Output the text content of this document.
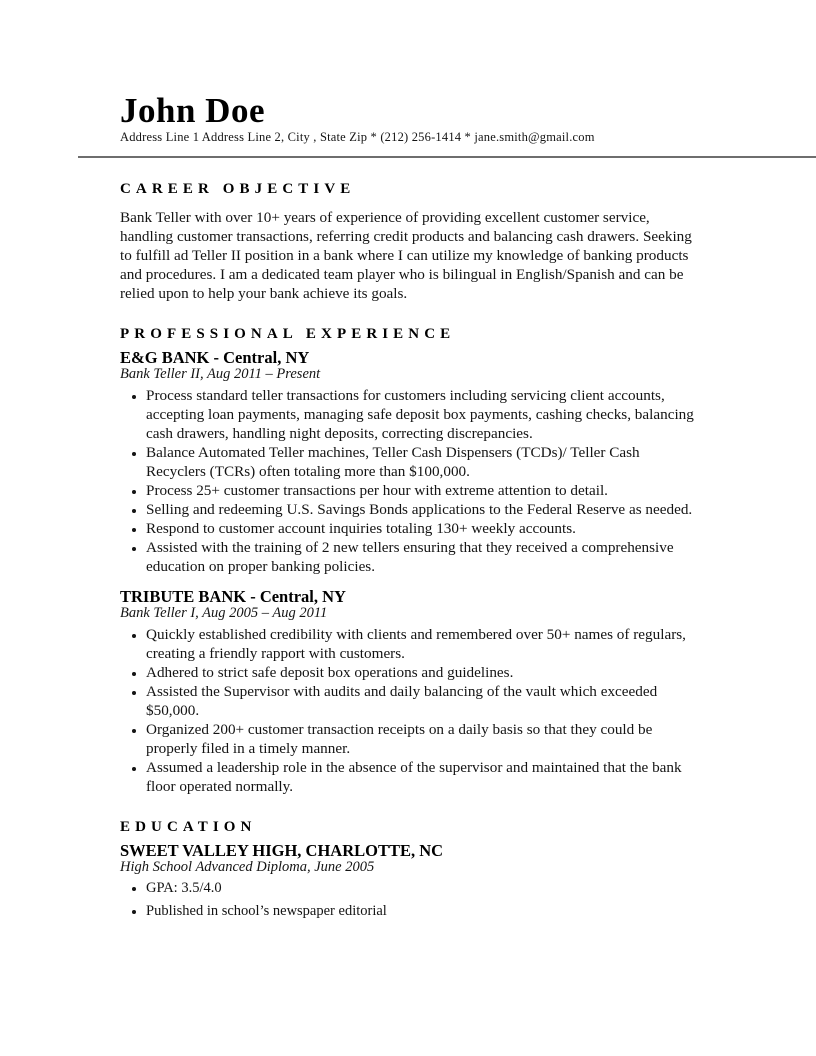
John Doe
Address Line 1 Address Line 2, City , State Zip * (212) 256-1414 * jane.smith@gmail.com
CAREER OBJECTIVE

Bank Teller with over 10+ years of experience of providing excellent customer service, handling customer transactions, referring credit products and balancing cash drawers. Seeking to fulfill ad Teller II position in a bank where I can utilize my knowledge of banking products and procedures. I am a dedicated team player who is bilingual in English/Spanish and can be relied upon to help your bank achieve its goals.

PROFESSIONAL EXPERIENCE
E&G BANK - Central, NY
Bank Teller II, Aug 2011 – Present
• Process standard teller transactions for customers including servicing client accounts, accepting loan payments, managing safe deposit box payments, cashing checks, balancing cash drawers, handling night deposits, correcting discrepancies.
• Balance Automated Teller machines, Teller Cash Dispensers (TCDs)/ Teller Cash Recyclers (TCRs) often totaling more than $100,000.
• Process 25+ customer transactions per hour with extreme attention to detail.
• Selling and redeeming U.S. Savings Bonds applications to the Federal Reserve as needed.
• Respond to customer account inquiries totaling 130+ weekly accounts.
• Assisted with the training of 2 new tellers ensuring that they received a comprehensive education on proper banking policies.
TRIBUTE BANK - Central, NY
Bank Teller I, Aug 2005 – Aug 2011
• Quickly established credibility with clients and remembered over 50+ names of regulars, creating a friendly rapport with customers.
• Adhered to strict safe deposit box operations and guidelines.
• Assisted the Supervisor with audits and daily balancing of the vault which exceeded $50,000.
• Organized 200+ customer transaction receipts on a daily basis so that they could be properly filed in a timely manner.
• Assumed a leadership role in the absence of the supervisor and maintained that the bank floor operated normally.
EDUCATION
SWEET VALLEY HIGH, CHARLOTTE, NC
High School Advanced Diploma, June 2005
• GPA: 3.5/4.0
• Published in school’s newspaper editorial
